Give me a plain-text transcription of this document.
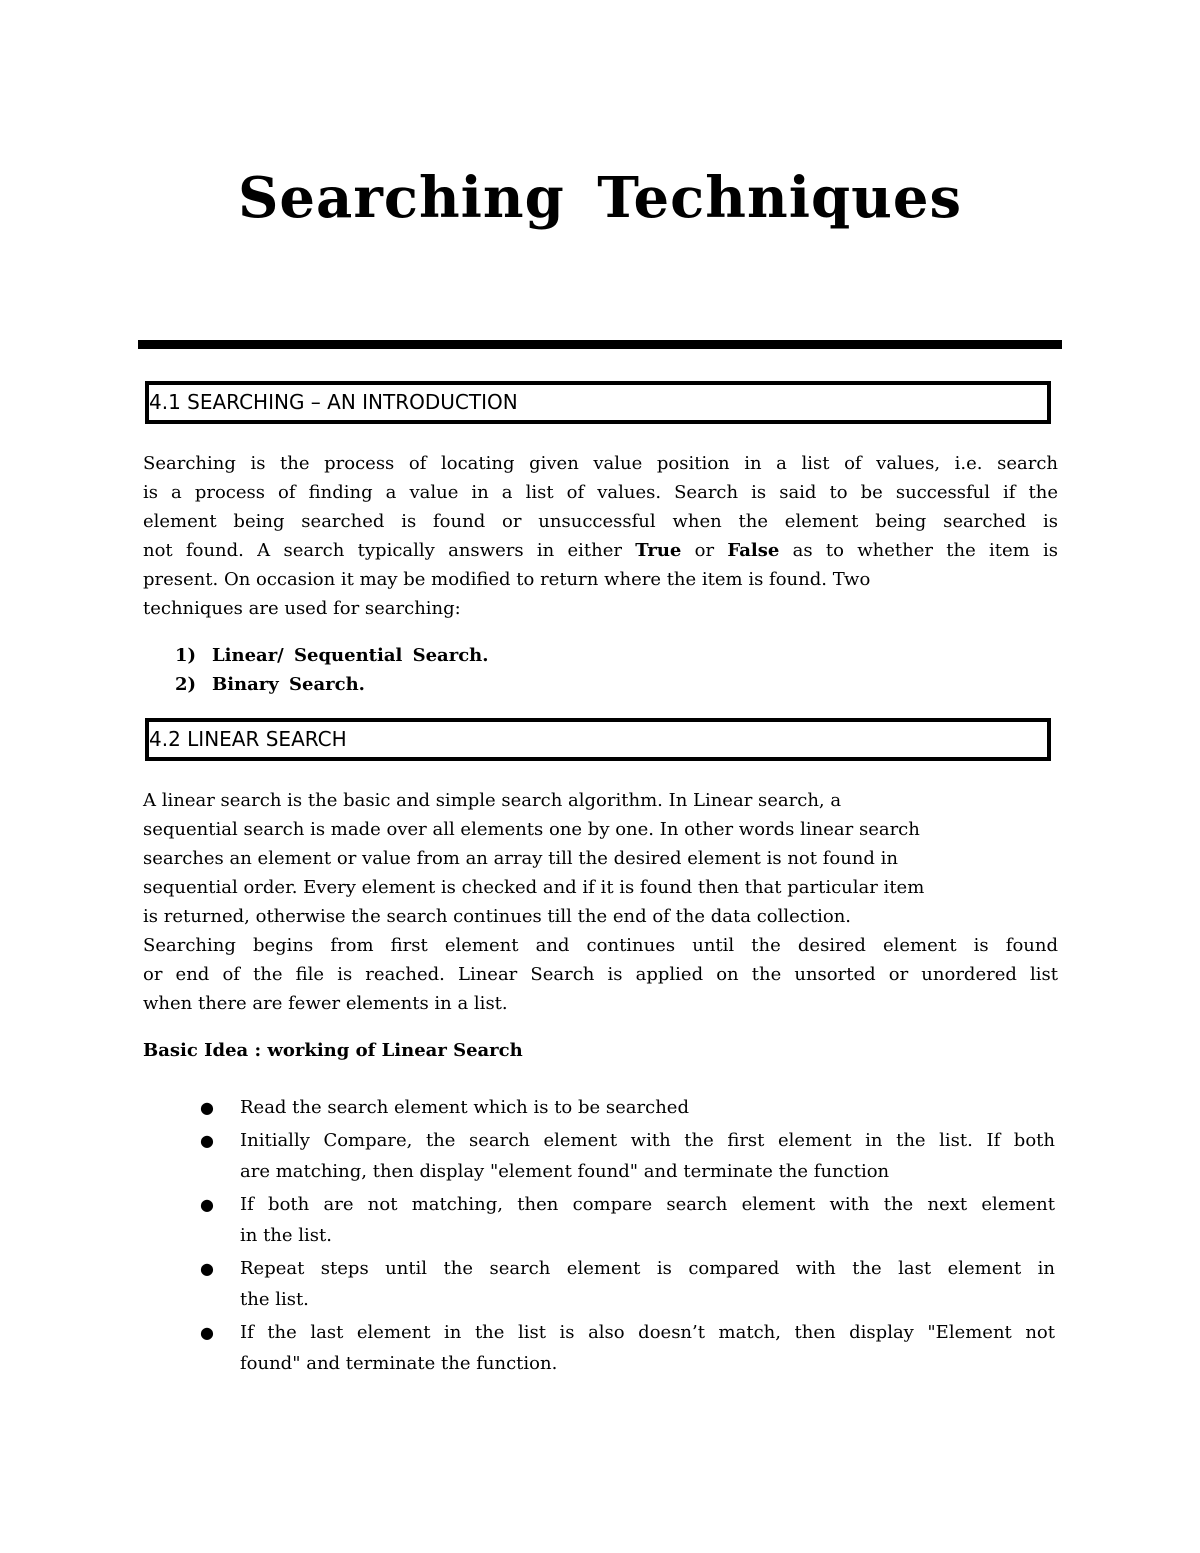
Searching Techniques
4.1 SEARCHING – AN INTRODUCTION
Searching is the process of locating given value position in a list of values, i.e. search
is a process of finding a value in a list of values. Search is said to be successful if the
element being searched is found or unsuccessful when the element being searched is
not found. A search typically answers in either True or False as to whether the item is
present. On occasion it may be modified to return where the item is found. Two
techniques are used for searching:
1) Linear/ Sequential Search.
2) Binary Search.
4.2 LINEAR SEARCH
A linear search is the basic and simple search algorithm. In Linear search, a
sequential search is made over all elements one by one. In other words linear search
searches an element or value from an array till the desired element is not found in
sequential order. Every element is checked and if it is found then that particular item
is returned, otherwise the search continues till the end of the data collection.
Searching begins from first element and continues until the desired element is found
or end of the file is reached. Linear Search is applied on the unsorted or unordered list
when there are fewer elements in a list.
Basic Idea : working of Linear Search
● Read the search element which is to be searched
● Initially Compare, the search element with the first element in the list. If both
are matching, then display "element found" and terminate the function
● If both are not matching, then compare search element with the next element
in the list.
● Repeat steps until the search element is compared with the last element in
the list.
● If the last element in the list is also doesn’t match, then display "Element not
found" and terminate the function.
